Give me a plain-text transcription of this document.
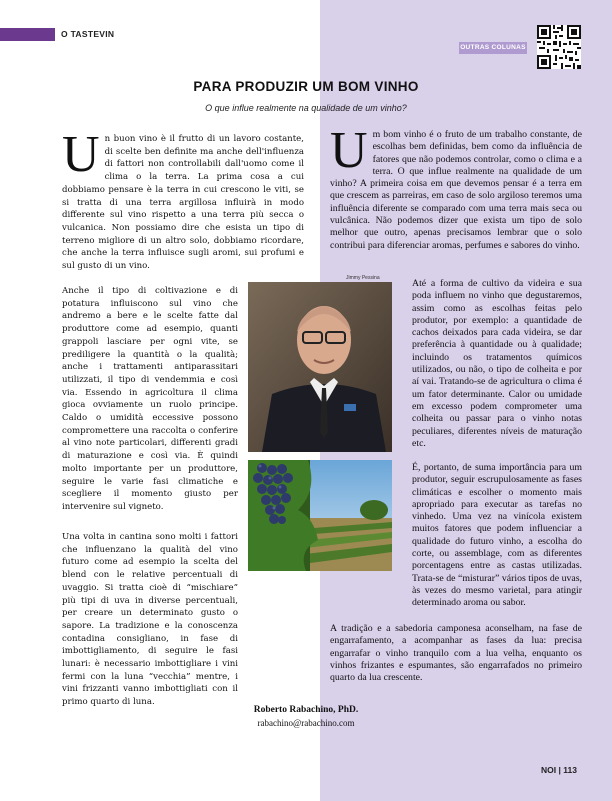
O TASTEVIN
OUTRAS COLUNAS
PARA PRODUZIR UM BOM VINHO
O que influe realmente na qualidade de um vinho?

Un buon vino è il frutto di un lavoro costante, di scelte ben definite ma anche dell'influenza di fattori non controllabili dall'uomo come il clima o la terra. La prima cosa a cui dobbiamo pensare è la terra in cui crescono le viti, se si tratta di una terra argillosa influirà in modo differente sul vino rispetto a una terra più secca o vulcanica. Non possiamo dire che esista un tipo di terreno migliore di un altro solo, dobbiamo ricordare, che anche la terra influisce sugli aromi, sui profumi e sul gusto di un vino.

Anche il tipo di coltivazione e di potatura influiscono sul vino che andremo a bere e le scelte fatte dal produttore come ad esempio, quanti grappoli lasciare per ogni vite, se prediligere la quantità o la qualità; anche i trattamenti antiparassitari utilizzati, il tipo di vendemmia e così via. Essendo in agricoltura il clima gioca ovviamente un ruolo principe. Caldo o umidità eccessive possono compromettere una raccolta o conferire al vino note particolari, differenti gradi di maturazione e così via. È quindi molto importante per un produttore, seguire le varie fasi climatiche e scegliere il momento giusto per intervenire sul vigneto.

Una volta in cantina sono molti i fattori che influenzano la qualità del vino futuro come ad esempio la scelta del blend con le relative percentuali di uvaggio. Si tratta cioè di “mischiare” più tipi di uva in diverse percentuali, per creare un determinato gusto o sapore. La tradizione e la conoscenza contadina consigliano, in fase di imbottigliamento, di seguire le fasi lunari: è necessario imbottigliare i vini fermi con la luna “vecchia” mentre, i vini frizzanti vanno imbottigliati con il primo quarto di luna.

Um bom vinho é o fruto de um trabalho constante, de escolhas bem definidas, bem como da influência de fatores que não podemos controlar, como o clima e a terra. O que influe realmente na qualidade de um vinho? A primeira coisa em que devemos pensar é a terra em que crescem as parreiras, em caso de solo argiloso teremos uma influência diferente se comparado com uma terra mais seca ou vulcânica. Não podemos dizer que exista um tipo de solo melhor que outro, apenas precisamos lembrar que o solo contribui para diferenciar aromas, perfumes e sabores do vinho.

Até a forma de cultivo da videira e sua poda influem no vinho que degustaremos, assim como as escolhas feitas pelo produtor, por exemplo: a quantidade de cachos deixados para cada videira, se dar preferência à quantidade ou à qualidade; incluindo os tratamentos químicos utilizados, ou não, o tipo de colheita e por aí vai. Tratando-se de agricultura o clima é um fator determinante. Calor ou umidade em excesso podem comprometer uma colheita ou passar para o vinho notas peculiares, diferentes níveis de maturação etc.

É, portanto, de suma importância para um produtor, seguir escrupulosamente as fases climáticas e escolher o momento mais apropriado para executar as tarefas no vinhedo. Uma vez na vinícola existem muitos fatores que podem influenciar a qualidade do futuro vinho, a escolha do corte, ou assemblage, com as diferentes porcentagens entre as castas utilizadas. Trata-se de “misturar” vários tipos de uvas, às vezes do mesmo varietal, para atingir determinado aroma ou sabor.

A tradição e a sabedoria camponesa aconselham, na fase de engarrafamento, a acompanhar as fases da lua: precisa engarrafar o vinho tranquilo com a lua velha, enquanto os vinhos frizantes e espumantes, são engarrafados no primeiro quarto da lua crescente.

Jimmy Pessina
Roberto Rabachino, PhD.
rabachino@rabachino.com
NOI | 113
